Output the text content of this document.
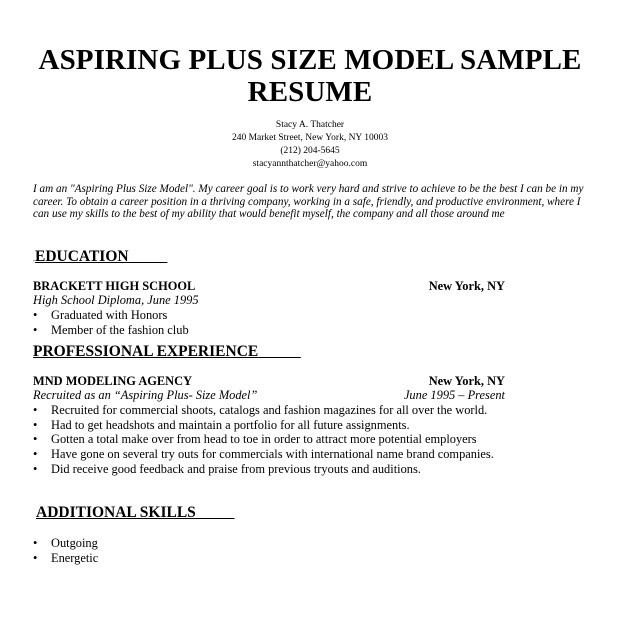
ASPIRING PLUS SIZE MODEL SAMPLE
RESUME
Stacy A. Thatcher
240 Market Street, New York, NY 10003
(212) 204-5645
stacyannthatcher@yahoo.com
I am an "Aspiring Plus Size Model". My career goal is to work very hard and strive to achieve to be the best I can be in my career. To obtain a career position in a thriving company, working in a safe, friendly, and productive environment, where I can use my skills to the best of my ability that would benefit myself, the company and all those around me
.EDUCATION
BRACKETT HIGH SCHOOL	New York, NY
High School Diploma, June 1995
• Graduated with Honors
• Member of the fashion club
PROFESSIONAL EXPERIENCE
MND MODELING AGENCY	New York, NY
Recruited as an “Aspiring Plus- Size Model”	June 1995 – Present
• Recruited for commercial shoots, catalogs and fashion magazines for all over the world.
• Had to get headshots and maintain a portfolio for all future assignments.
• Gotten a total make over from head to toe in order to attract more potential employers
• Have gone on several try outs for commercials with international name brand companies.
• Did receive good feedback and praise from previous tryouts and auditions.
ADDITIONAL SKILLS
• Outgoing
• Energetic
